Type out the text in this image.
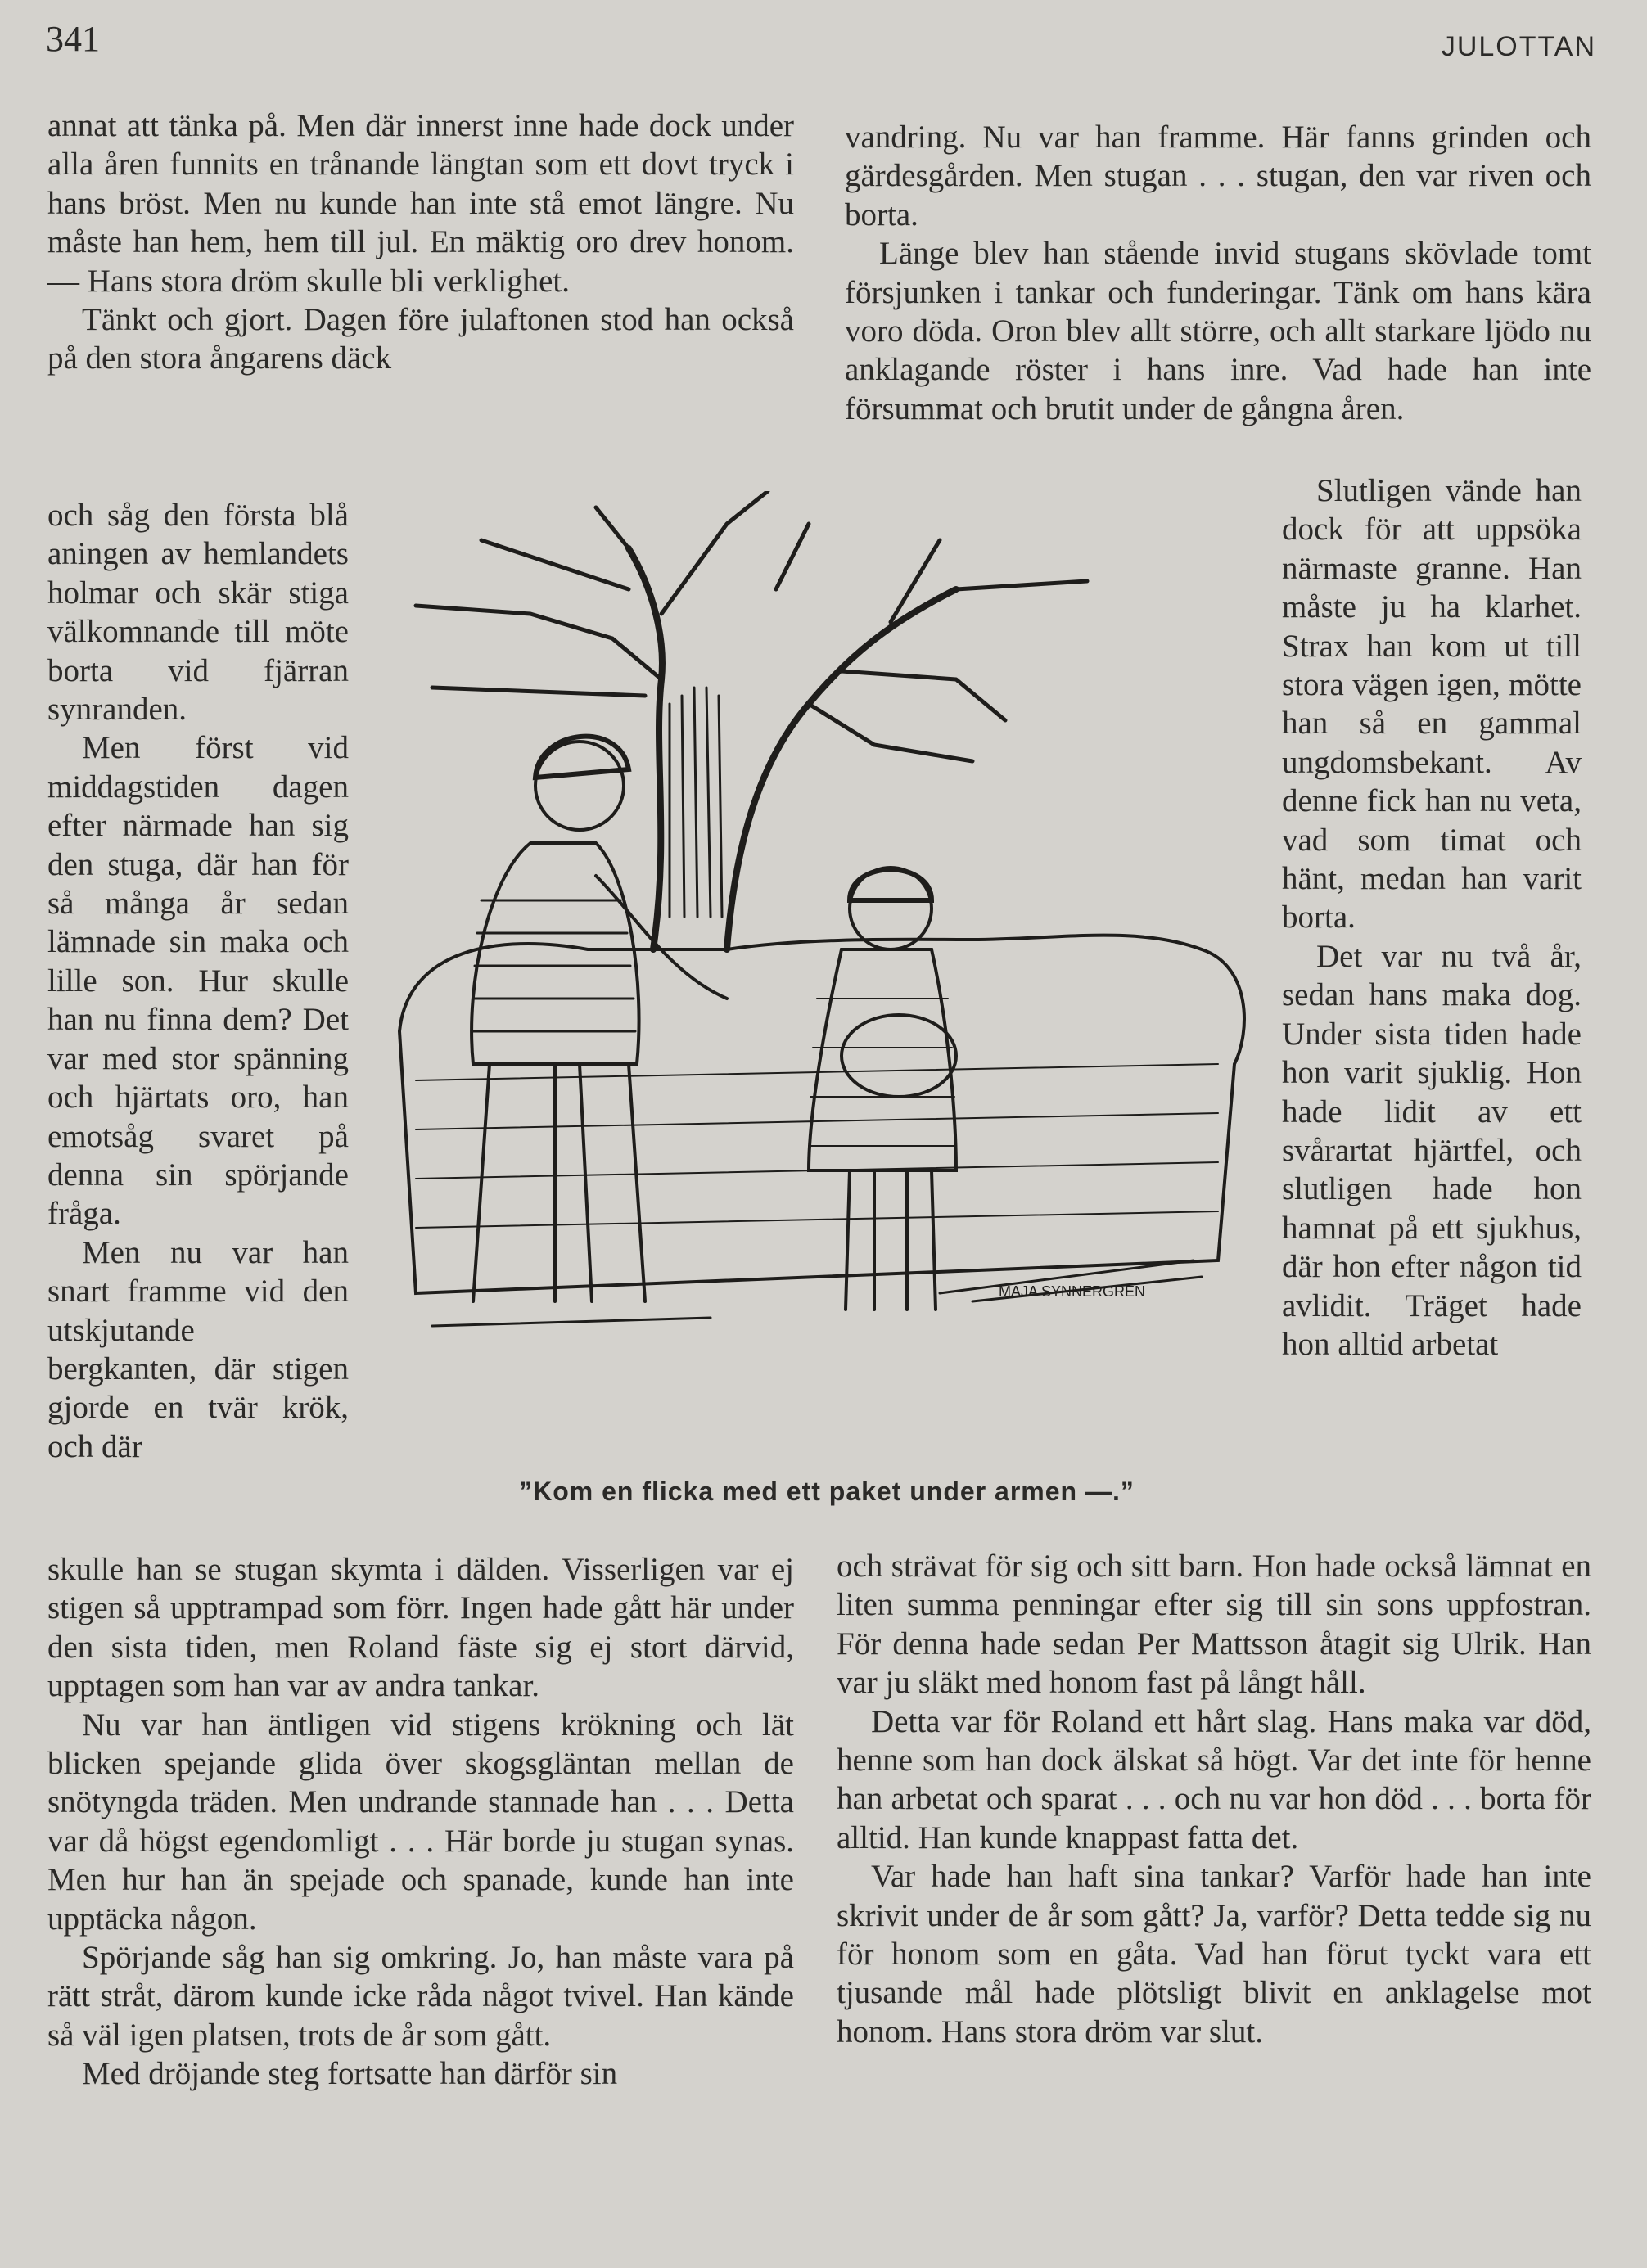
341	JULOTTAN

annat att tänka på. Men där innerst inne hade dock under alla åren funnits en trånande längtan som ett dovt tryck i hans bröst. Men nu kunde han inte stå emot längre. Nu måste han hem, hem till jul. En mäktig oro drev honom. — Hans stora dröm skulle bli verklighet.

Tänkt och gjort. Dagen före julaftonen stod han också på den stora ångarens däck

och såg den första blå aningen av hemlandets holmar och skär stiga välkomnande till möte borta vid fjärran synranden.

Men först vid middagstiden dagen efter närmade han sig den stuga, där han för så många år sedan lämnade sin maka och lille son. Hur skulle han nu finna dem? Det var med stor spänning och hjärtats oro, han emotsåg svaret på denna sin spörjande fråga.

Men nu var han snart framme vid den utskjutande bergkanten, där stigen gjorde en tvär krök, och där

skulle han se stugan skymta i dälden. Visserligen var ej stigen så upptrampad som förr. Ingen hade gått här under den sista tiden, men Roland fäste sig ej stort därvid, upptagen som han var av andra tankar.

Nu var han äntligen vid stigens krökning och lät blicken spejande glida över skogsgläntan mellan de snötyngda träden. Men undrande stannade han . . . Detta var då högst egendomligt . . . Här borde ju stugan synas. Men hur han än spejade och spanade, kunde han inte upptäcka någon.

Spörjande såg han sig omkring. Jo, han måste vara på rätt stråt, därom kunde icke råda något tvivel. Han kände så väl igen platsen, trots de år som gått.

Med dröjande steg fortsatte han därför sin

vandring. Nu var han framme. Här fanns grinden och gärdesgården. Men stugan . . . stugan, den var riven och borta.

Länge blev han stående invid stugans skövlade tomt försjunken i tankar och funderingar. Tänk om hans kära voro döda. Oron blev allt större, och allt starkare ljödo nu anklagande röster i hans inre. Vad hade han inte försummat och brutit under de gångna åren.

Slutligen vände han dock för att uppsöka närmaste granne. Han måste ju ha klarhet. Strax han kom ut till stora vägen igen, mötte han så en gammal ungdomsbekant. Av denne fick han nu veta, vad som timat och hänt, medan han varit borta.

Det var nu två år, sedan hans maka dog. Under sista tiden hade hon varit sjuklig. Hon hade lidit av ett svårartat hjärtfel, och slutligen hade hon hamnat på ett sjukhus, där hon efter någon tid avlidit. Träget hade hon alltid arbetat

och strävat för sig och sitt barn. Hon hade också lämnat en liten summa penningar efter sig till sin sons uppfostran. För denna hade sedan Per Mattsson åtagit sig Ulrik. Han var ju släkt med honom fast på långt håll.

Detta var för Roland ett hårt slag. Hans maka var död, henne som han dock älskat så högt. Var det inte för henne han arbetat och sparat . . . och nu var hon död . . . borta för alltid. Han kunde knappast fatta det.

Var hade han haft sina tankar? Varför hade han inte skrivit under de år som gått? Ja, varför? Detta tedde sig nu för honom som en gåta. Vad han förut tyckt vara ett tjusande mål hade plötsligt blivit en anklagelse mot honom. Hans stora dröm var slut.

MAJA SYNNERGREN
”Kom en flicka med ett paket under armen —.”
